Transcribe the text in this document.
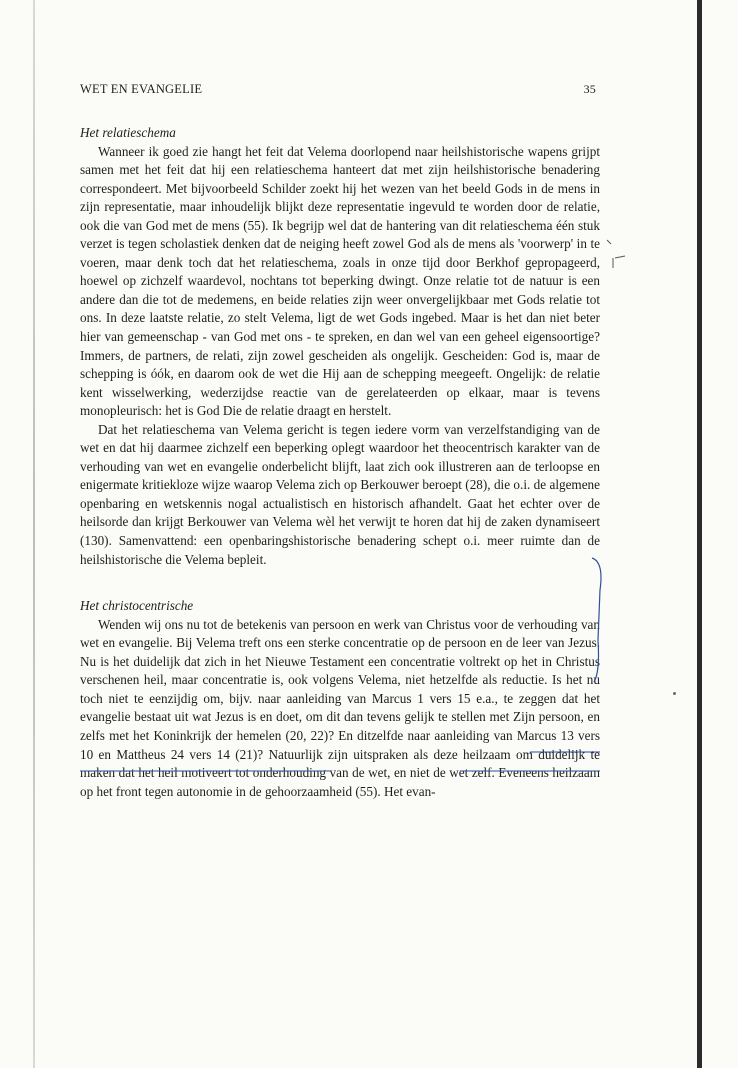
WET EN EVANGELIE	35
Het relatieschema

Wanneer ik goed zie hangt het feit dat Velema doorlopend naar heilshistorische wapens grijpt samen met het feit dat hij een relatieschema hanteert dat met zijn heilshistorische benadering correspondeert. Met bijvoorbeeld Schilder zoekt hij het wezen van het beeld Gods in de mens in zijn representatie, maar inhoudelijk blijkt deze representatie ingevuld te worden door de relatie, ook die van God met de mens (55). Ik begrijp wel dat de hantering van dit relatieschema één stuk verzet is tegen scholastiek denken dat de neiging heeft zowel God als de mens als 'voorwerp' in te voeren, maar denk toch dat het relatieschema, zoals in onze tijd door Berkhof gepropageerd, hoewel op zichzelf waardevol, nochtans tot beperking dwingt. Onze relatie tot de natuur is een andere dan die tot de medemens, en beide relaties zijn weer onvergelijkbaar met Gods relatie tot ons. In deze laatste relatie, zo stelt Velema, ligt de wet Gods ingebed. Maar is het dan niet beter hier van gemeenschap - van God met ons - te spreken, en dan wel van een geheel eigensoortige? Immers, de partners, de relati, zijn zowel gescheiden als ongelijk. Gescheiden: God is, maar de schepping is óók, en daarom ook de wet die Hij aan de schepping meegeeft. Ongelijk: de relatie kent wisselwerking, wederzijdse reactie van de gerelateerden op elkaar, maar is tevens monopleurisch: het is God Die de relatie draagt en herstelt.

Dat het relatieschema van Velema gericht is tegen iedere vorm van verzelfstandiging van de wet en dat hij daarmee zichzelf een beperking oplegt waardoor het theocentrisch karakter van de verhouding van wet en evangelie onderbelicht blijft, laat zich ook illustreren aan de terloopse en enigermate kritiekloze wijze waarop Velema zich op Berkouwer beroept (28), die o.i. de algemene openbaring en wetskennis nogal actualistisch en historisch afhandelt. Gaat het echter over de heilsorde dan krijgt Berkouwer van Velema wèl het verwijt te horen dat hij de zaken dynamiseert (130). Samenvattend: een openbaringshistorische benadering schept o.i. meer ruimte dan de heilshistorische die Velema bepleit.

Het christocentrische

Wenden wij ons nu tot de betekenis van persoon en werk van Christus voor de verhouding van wet en evangelie. Bij Velema treft ons een sterke concentratie op de persoon en de leer van Jezus. Nu is het duidelijk dat zich in het Nieuwe Testament een concentratie voltrekt op het in Christus verschenen heil, maar concentratie is, ook volgens Velema, niet hetzelfde als reductie. Is het nu toch niet te eenzijdig om, bijv. naar aanleiding van Marcus 1 vers 15 e.a., te zeggen dat het evangelie bestaat uit wat Jezus is en doet, om dit dan tevens gelijk te stellen met Zijn persoon, en zelfs met het Koninkrijk der hemelen (20, 22)? En ditzelfde naar aanleiding van Marcus 13 vers 10 en Mattheus 24 vers 14 (21)? Natuurlijk zijn uitspraken als deze heilzaam om duidelijk te maken dat het heil motiveert tot onderhouding van de wet, en niet de wet zelf. Eveneens heilzaam op het front tegen autonomie in de gehoorzaamheid (55). Het evan-
